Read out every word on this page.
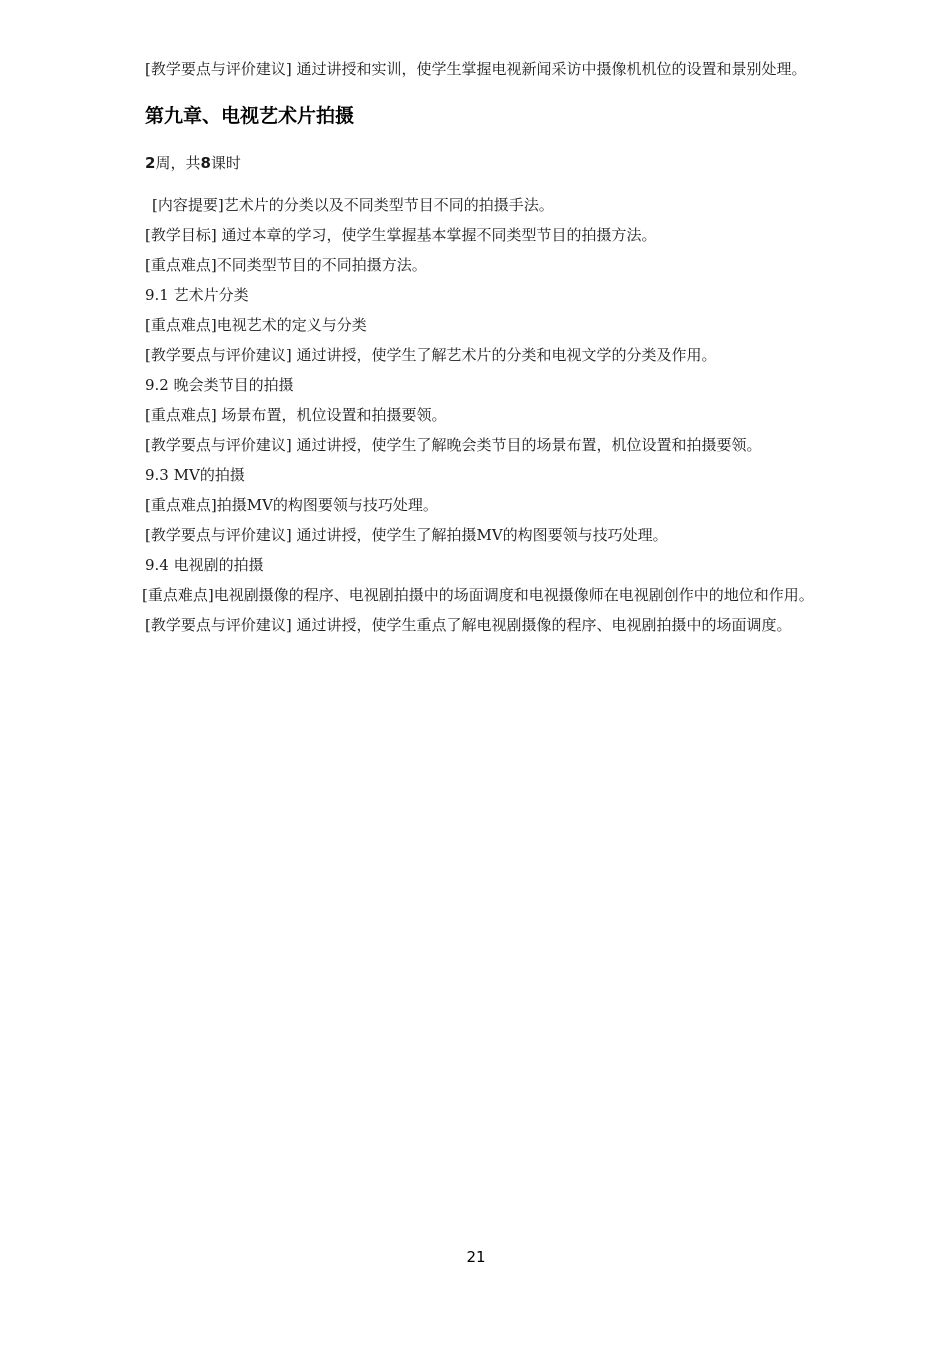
[教学要点与评价建议] 通过讲授和实训，使学生掌握电视新闻采访中摄像机机位的设置和景别处理。

第九章、电视艺术片拍摄

2周，共8课时

[内容提要]艺术片的分类以及不同类型节目不同的拍摄手法。

[教学目标] 通过本章的学习，使学生掌握基本掌握不同类型节目的拍摄方法。

[重点难点]不同类型节目的不同拍摄方法。

9.1 艺术片分类

[重点难点]电视艺术的定义与分类

[教学要点与评价建议] 通过讲授，使学生了解艺术片的分类和电视文学的分类及作用。

9.2 晚会类节目的拍摄

[重点难点] 场景布置，机位设置和拍摄要领。

[教学要点与评价建议] 通过讲授，使学生了解晚会类节目的场景布置，机位设置和拍摄要领。

9.3 MV的拍摄

[重点难点]拍摄MV的构图要领与技巧处理。

[教学要点与评价建议] 通过讲授，使学生了解拍摄MV的构图要领与技巧处理。

9.4 电视剧的拍摄

[重点难点]电视剧摄像的程序、电视剧拍摄中的场面调度和电视摄像师在电视剧创作中的地位和作用。

[教学要点与评价建议] 通过讲授，使学生重点了解电视剧摄像的程序、电视剧拍摄中的场面调度。

21
